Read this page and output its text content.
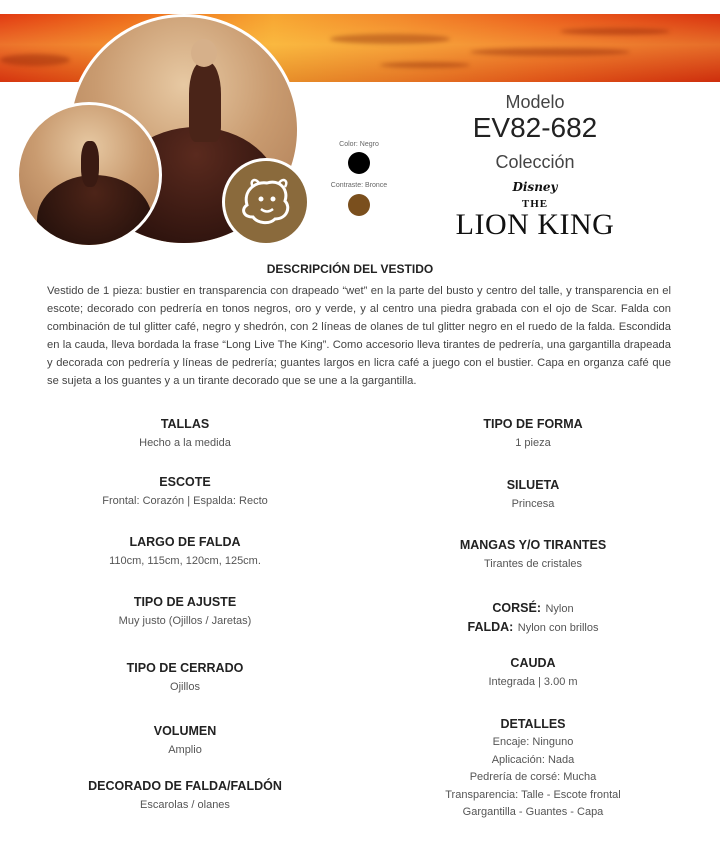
Color: Negro
Contraste: Bronce
Modelo
EV82-682
Colección
Disney
THE
LION KING
DESCRIPCIÓN DEL VESTIDO
Vestido de 1 pieza: bustier en transparencia con drapeado “wet” en la parte del busto y centro del talle, y transparencia en el escote; decorado con pedrería en tonos negros, oro y verde, y al centro una piedra grabada con el ojo de Scar. Falda con combinación de tul glitter café, negro y shedrón, con 2 líneas de olanes de tul glitter negro en el ruedo de la falda. Escondida en la cauda, lleva bordada la frase “Long Live The King”. Como accesorio lleva tirantes de pedrería, una gargantilla drapeada y decorada con pedrería y líneas de pedrería; guantes largos en licra café a juego con el bustier. Capa en organza café que se sujeta a los guantes y a un tirante decorado que se une a la gargantilla.
TALLAS
Hecho a la medida
ESCOTE
Frontal: Corazón | Espalda: Recto
LARGO DE FALDA
110cm, 115cm, 120cm, 125cm.
TIPO DE AJUSTE
Muy justo (Ojillos / Jaretas)
TIPO DE CERRADO
Ojillos
VOLUMEN
Amplio
DECORADO DE FALDA/FALDÓN
Escarolas / olanes
TIPO DE FORMA
1 pieza
SILUETA
Princesa
MANGAS Y/O TIRANTES
Tirantes de cristales
CORSÉ: Nylon
FALDA: Nylon con brillos
CAUDA
Integrada | 3.00 m
DETALLES
Encaje: Ninguno
Aplicación: Nada
Pedrería de corsé: Mucha
Transparencia: Talle - Escote frontal
Gargantilla - Guantes - Capa
